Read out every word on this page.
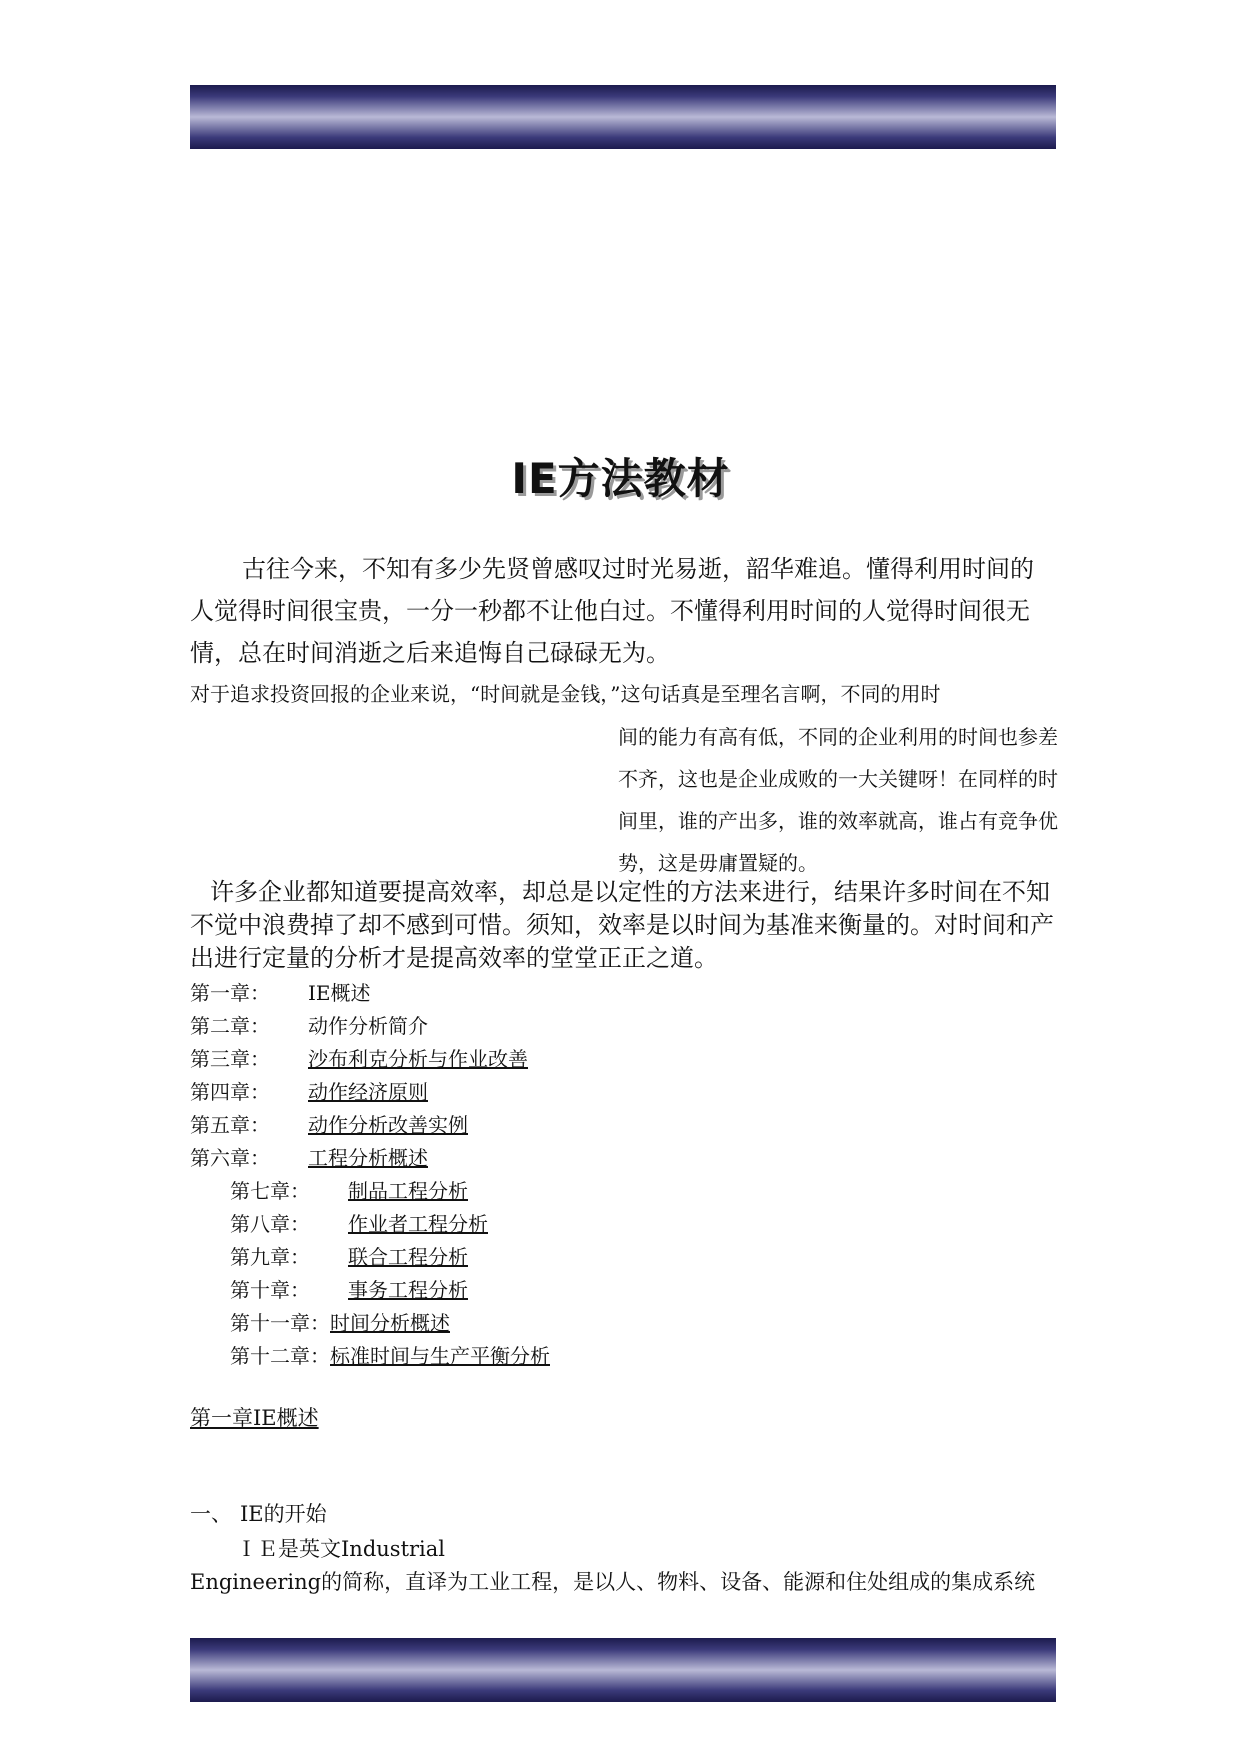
IE方法教材

古往今来，不知有多少先贤曾感叹过时光易逝，韶华难追。懂得利用时间的人觉得时间很宝贵，一分一秒都不让他白过。不懂得利用时间的人觉得时间很无情，总在时间消逝之后来追悔自己碌碌无为。

对于追求投资回报的企业来说，“时间就是金钱，”这句话真是至理名言啊，不同的用时

间的能力有高有低，不同的企业利用的时间也参差不齐，这也是企业成败的一大关键呀！在同样的时间里，谁的产出多，谁的效率就高，谁占有竞争优势，这是毋庸置疑的。

许多企业都知道要提高效率，却总是以定性的方法来进行，结果许多时间在不知不觉中浪费掉了却不感到可惜。须知，效率是以时间为基准来衡量的。对时间和产出进行定量的分析才是提高效率的堂堂正正之道。

第一章： IE概述
第二章： 动作分析简介
第三章： 沙布利克分析与作业改善
第四章： 动作经济原则
第五章： 动作分析改善实例
第六章： 工程分析概述
第七章： 制品工程分析
第八章： 作业者工程分析
第九章： 联合工程分析
第十章： 事务工程分析
第十一章：时间分析概述
第十二章：标准时间与生产平衡分析

第一章IE概述

一、 IE的开始

ＩＥ是英文Industrial

Engineering的简称，直译为工业工程，是以人、物料、设备、能源和住处组成的集成系统
